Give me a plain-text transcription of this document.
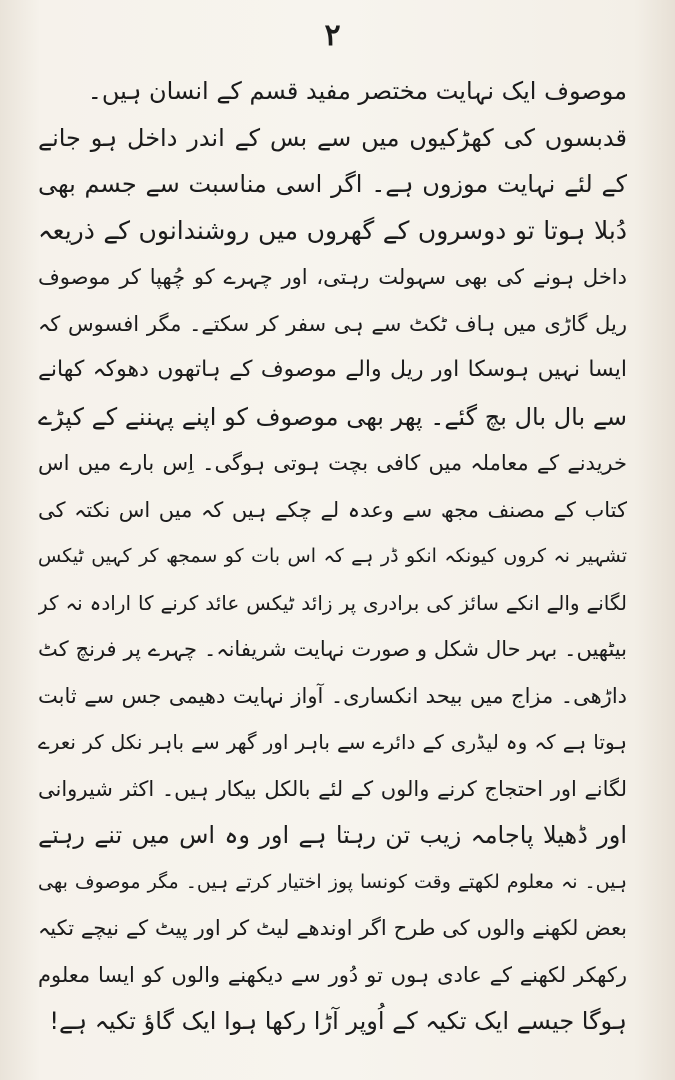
۲
موصوف ایک نہایت مختصر مفید قسم کے انسان ہیں۔
قدبسوں کی کھڑکیوں میں سے بس کے اندر داخل ہو جانے
کے لئے نہایت موزوں ہے۔ اگر اسی مناسبت سے جسم بھی
دُبلا ہوتا تو دوسروں کے گھروں میں روشندانوں کے ذریعہ
داخل ہونے کی بھی سہولت رہتی، اور چہرے کو چُھپا کر موصوف
ریل گاڑی میں ہاف ٹکٹ سے ہی سفر کر سکتے۔ مگر افسوس کہ
ایسا نہیں ہوسکا اور ریل والے موصوف کے ہاتھوں دھوکہ کھانے
سے بال بال بچ گئے۔ پھر بھی موصوف کو اپنے پہننے کے کپڑے
خریدنے کے معاملہ میں کافی بچت ہوتی ہوگی۔ اِس بارے میں اس
کتاب کے مصنف مجھ سے وعدہ لے چکے ہیں کہ میں اس نکتہ کی
تشہیر نہ کروں کیونکہ انکو ڈر ہے کہ اس بات کو سمجھ کر کہیں ٹیکس
لگانے والے انکے سائز کی برادری پر زائد ٹیکس عائد کرنے کا ارادہ نہ کر
بیٹھیں۔ بہر حال شکل و صورت نہایت شریفانہ۔ چہرے پر فرنچ کٹ
داڑھی۔ مزاج میں بیحد انکساری۔ آواز نہایت دھیمی جس سے ثابت
ہوتا ہے کہ وہ لیڈری کے دائرے سے باہر اور گھر سے باہر نکل کر نعرے
لگانے اور احتجاج کرنے والوں کے لئے بالکل بیکار ہیں۔ اکثر شیروانی
اور ڈھیلا پاجامہ زیب تن رہتا ہے اور وہ اس میں تنے رہتے
ہیں۔ نہ معلوم لکھتے وقت کونسا پوز اختیار کرتے ہیں۔ مگر موصوف بھی
بعض لکھنے والوں کی طرح اگر اوندھے لیٹ کر اور پیٹ کے نیچے تکیہ
رکھکر لکھنے کے عادی ہوں تو دُور سے دیکھنے والوں کو ایسا معلوم
ہوگا جیسے ایک تکیہ کے اُوپر آڑا رکھا ہوا ایک گاؤ تکیہ ہے!
